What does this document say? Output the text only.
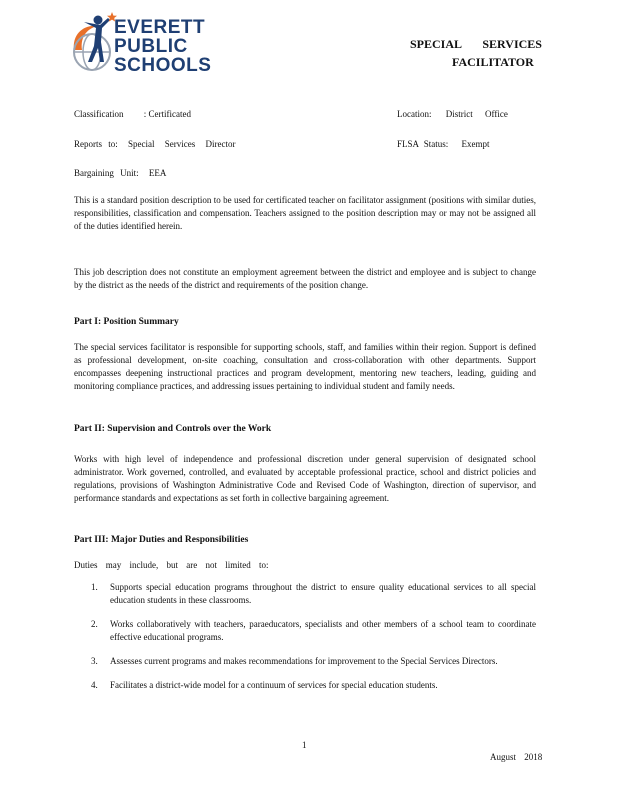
EVERETT
PUBLIC
SCHOOLS
SPECIAL SERVICES
FACILITATOR
Classification : Certificated	Location: District Office
Reports to: Special Services Director	FLSA Status: Exempt
Bargaining Unit: EEA
This is a standard position description to be used for certificated teacher on facilitator assignment (positions with similar duties, responsibilities, classification and compensation. Teachers assigned to the position description may or may not be assigned all of the duties identified herein.
This job description does not constitute an employment agreement between the district and employee and is subject to change by the district as the needs of the district and requirements of the position change.
Part I: Position Summary
The special services facilitator is responsible for supporting schools, staff, and families within their region. Support is defined as professional development, on-site coaching, consultation and cross-collaboration with other departments. Support encompasses deepening instructional practices and program development, mentoring new teachers, leading, guiding and monitoring compliance practices, and addressing issues pertaining to individual student and family needs.
Part II: Supervision and Controls over the Work
Works with high level of independence and professional discretion under general supervision of designated school administrator. Work governed, controlled, and evaluated by acceptable professional practice, school and district policies and regulations, provisions of Washington Administrative Code and Revised Code of Washington, direction of supervisor, and performance standards and expectations as set forth in collective bargaining agreement.
Part III: Major Duties and Responsibilities
Duties may include, but are not limited to:
1. Supports special education programs throughout the district to ensure quality educational services to all special education students in these classrooms.
2. Works collaboratively with teachers, paraeducators, specialists and other members of a school team to coordinate effective educational programs.
3. Assesses current programs and makes recommendations for improvement to the Special Services Directors.
4. Facilitates a district-wide model for a continuum of services for special education students.
1
August 2018
